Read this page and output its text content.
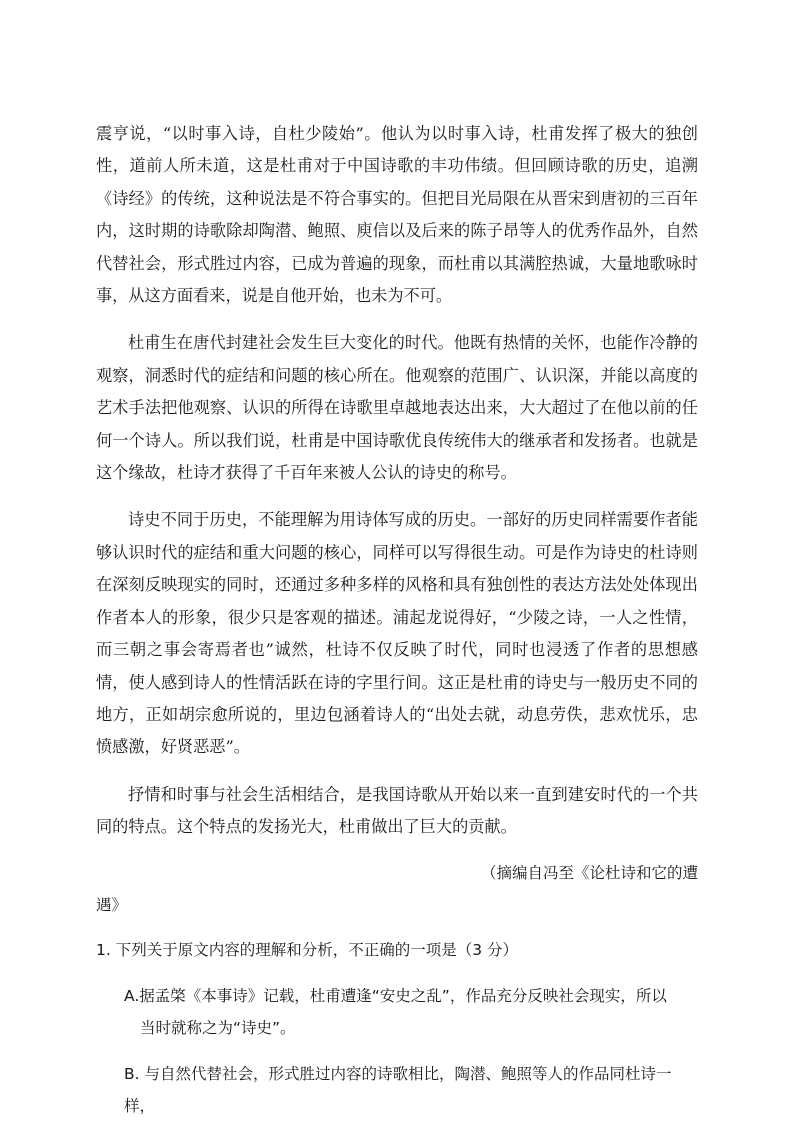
震亨说，“以时事入诗，自杜少陵始”。他认为以时事入诗，杜甫发挥了极大的独创性，道前人所未道，这是杜甫对于中国诗歌的丰功伟绩。但回顾诗歌的历史，追溯《诗经》的传统，这种说法是不符合事实的。但把目光局限在从晋宋到唐初的三百年内，这时期的诗歌除却陶潜、鲍照、庾信以及后来的陈子昂等人的优秀作品外，自然代替社会，形式胜过内容，已成为普遍的现象，而杜甫以其满腔热诚，大量地歌咏时事，从这方面看来，说是自他开始，也未为不可。

杜甫生在唐代封建社会发生巨大变化的时代。他既有热情的关怀，也能作冷静的观察，洞悉时代的症结和问题的核心所在。他观察的范围广、认识深，并能以高度的艺术手法把他观察、认识的所得在诗歌里卓越地表达出来，大大超过了在他以前的任何一个诗人。所以我们说，杜甫是中国诗歌优良传统伟大的继承者和发扬者。也就是这个缘故，杜诗才获得了千百年来被人公认的诗史的称号。

诗史不同于历史，不能理解为用诗体写成的历史。一部好的历史同样需要作者能够认识时代的症结和重大问题的核心，同样可以写得很生动。可是作为诗史的杜诗则在深刻反映现实的同时，还通过多种多样的风格和具有独创性的表达方法处处体现出作者本人的形象，很少只是客观的描述。浦起龙说得好，“少陵之诗，一人之性情，而三朝之事会寄焉者也”诚然，杜诗不仅反映了时代，同时也浸透了作者的思想感情，使人感到诗人的性情活跃在诗的字里行间。这正是杜甫的诗史与一般历史不同的地方，正如胡宗愈所说的，里边包涵着诗人的“出处去就，动息劳佚，悲欢忧乐，忠愤感激，好贤恶恶”。

抒情和时事与社会生活相结合，是我国诗歌从开始以来一直到建安时代的一个共同的特点。这个特点的发扬光大，杜甫做出了巨大的贡献。

（摘编自冯至《论杜诗和它的遭
遇》
1. 下列关于原文内容的理解和分析，不正确的一项是（3 分）
A.据孟棨《本事诗》记载，杜甫遭逢“安史之乱”，作品充分反映社会现实，所以
当时就称之为“诗史”。
B. 与自然代替社会，形式胜过内容的诗歌相比，陶潜、鲍照等人的作品同杜诗一样，
